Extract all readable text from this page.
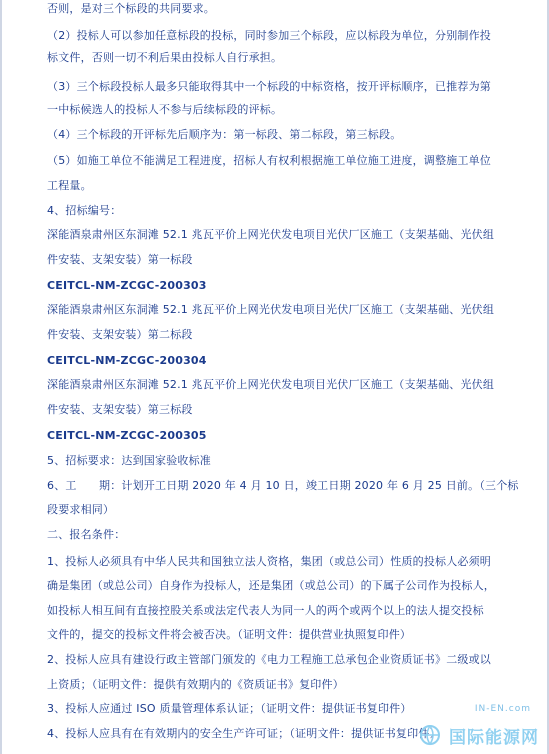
否则，是对三个标段的共同要求。
（2）投标人可以参加任意标段的投标，同时参加三个标段，应以标段为单位，分别制作投
标文件，否则一切不利后果由投标人自行承担。
（3）三个标段投标人最多只能取得其中一个标段的中标资格，按开评标顺序，已推荐为第
一中标候选人的投标人不参与后续标段的评标。
（4）三个标段的开评标先后顺序为：第一标段、第二标段，第三标段。
（5）如施工单位不能满足工程进度，招标人有权利根据施工单位施工进度，调整施工单位
工程量。
4、招标编号：
深能酒泉肃州区东洞滩 52.1 兆瓦平价上网光伏发电项目光伏厂区施工（支架基础、光伏组
件安装、支架安装）第一标段
CEITCL-NM-ZCGC-200303
深能酒泉肃州区东洞滩 52.1 兆瓦平价上网光伏发电项目光伏厂区施工（支架基础、光伏组
件安装、支架安装）第二标段
CEITCL-NM-ZCGC-200304
深能酒泉肃州区东洞滩 52.1 兆瓦平价上网光伏发电项目光伏厂区施工（支架基础、光伏组
件安装、支架安装）第三标段
CEITCL-NM-ZCGC-200305
5、招标要求：达到国家验收标准
6、工　　期：计划开工日期 2020 年 4 月 10 日，竣工日期 2020 年 6 月 25 日前。（三个标
段要求相同）
二、报名条件：
1、投标人必须具有中华人民共和国独立法人资格，集团（或总公司）性质的投标人必须明
确是集团（或总公司）自身作为投标人，还是集团（或总公司）的下属子公司作为投标人，
如投标人相互间有直接控股关系或法定代表人为同一人的两个或两个以上的法人提交投标
文件的，提交的投标文件将会被否决。（证明文件：提供营业执照复印件）
2、投标人应具有建设行政主管部门颁发的《电力工程施工总承包企业资质证书》二级或以
上资质；（证明文件：提供有效期内的《资质证书》复印件）
3、投标人应通过 ISO 质量管理体系认证；（证明文件：提供证书复印件）
4、投标人应具有在有效期内的安全生产许可证；（证明文件：提供证书复印件）
IN-EN.com
国际能源网
